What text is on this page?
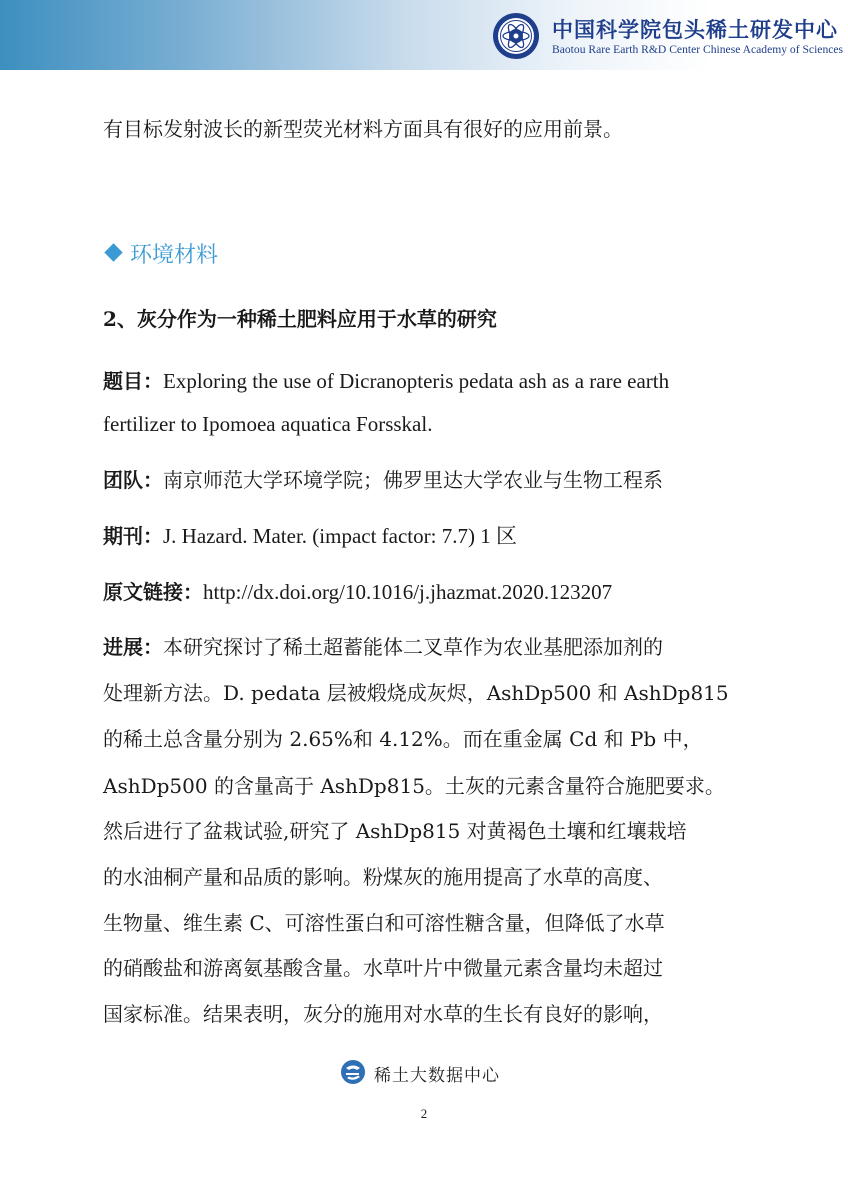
中国科学院包头稀土研发中心
Baotou Rare Earth R&D Center Chinese Academy of Sciences
有目标发射波长的新型荧光材料方面具有很好的应用前景。
环境材料
2、灰分作为一种稀土肥料应用于水草的研究
题目：Exploring the use of Dicranopteris pedata ash as a rare earth
fertilizer to Ipomoea aquatica Forsskal.
团队：南京师范大学环境学院；佛罗里达大学农业与生物工程系
期刊：J. Hazard. Mater. (impact factor: 7.7) 1 区
原文链接：http://dx.doi.org/10.1016/j.jhazmat.2020.123207
进展：本研究探讨了稀土超蓄能体二叉草作为农业基肥添加剂的
处理新方法。D. pedata 层被煅烧成灰烬，AshDp500 和 AshDp815
的稀土总含量分别为 2.65%和 4.12%。而在重金属 Cd 和 Pb 中，
AshDp500 的含量高于 AshDp815。土灰的元素含量符合施肥要求。
然后进行了盆栽试验,研究了 AshDp815 对黄褐色土壤和红壤栽培
的水油桐产量和品质的影响。粉煤灰的施用提高了水草的高度、
生物量、维生素 C、可溶性蛋白和可溶性糖含量，但降低了水草
的硝酸盐和游离氨基酸含量。水草叶片中微量元素含量均未超过
国家标准。结果表明，灰分的施用对水草的生长有良好的影响，
稀土大数据中心
2
